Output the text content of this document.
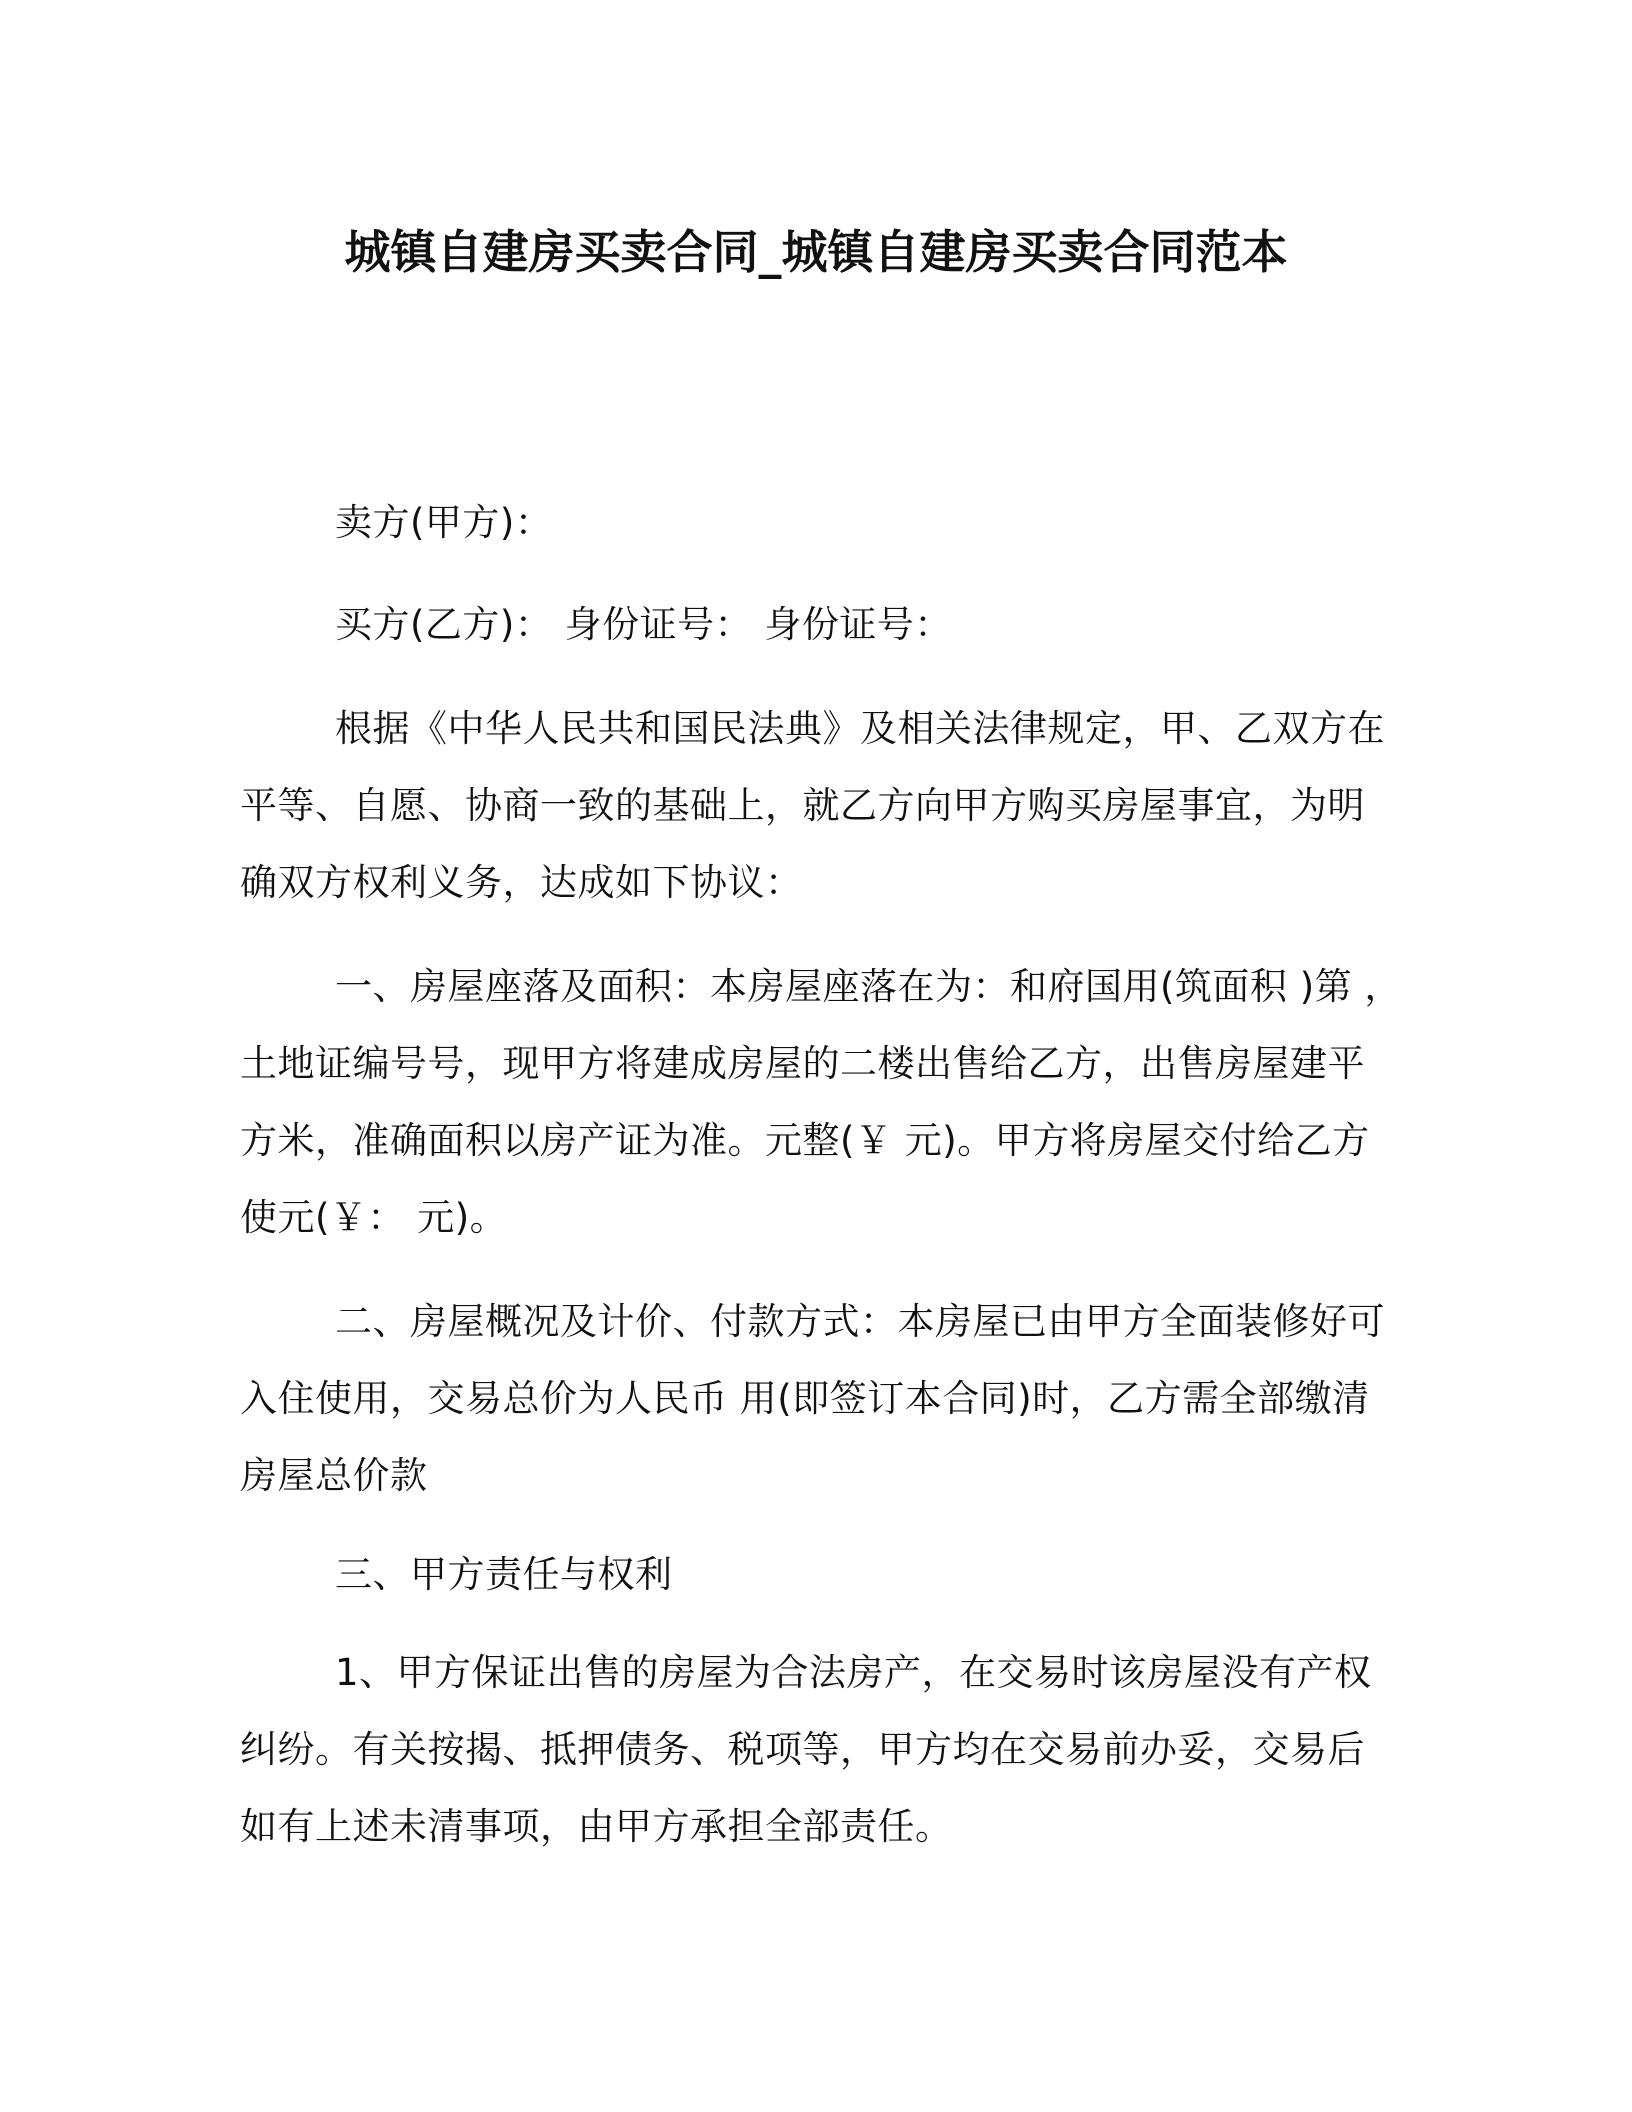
城镇自建房买卖合同_城镇自建房买卖合同范本
卖方(甲方)：
买方(乙方)： 身份证号： 身份证号：
根据《中华人民共和国民法典》及相关法律规定，甲、乙双方在
平等、自愿、协商一致的基础上，就乙方向甲方购买房屋事宜，为明
确双方权利义务，达成如下协议：
一、房屋座落及面积：本房屋座落在为：和府国用(筑面积 )第 ，
土地证编号号，现甲方将建成房屋的二楼出售给乙方，出售房屋建平
方米，准确面积以房产证为准。元整(￥ 元)。甲方将房屋交付给乙方
使元(￥： 元)。
二、房屋概况及计价、付款方式：本房屋已由甲方全面装修好可
入住使用，交易总价为人民币 用(即签订本合同)时，乙方需全部缴清
房屋总价款
三、甲方责任与权利
1、甲方保证出售的房屋为合法房产，在交易时该房屋没有产权
纠纷。有关按揭、抵押债务、税项等，甲方均在交易前办妥，交易后
如有上述未清事项，由甲方承担全部责任。
